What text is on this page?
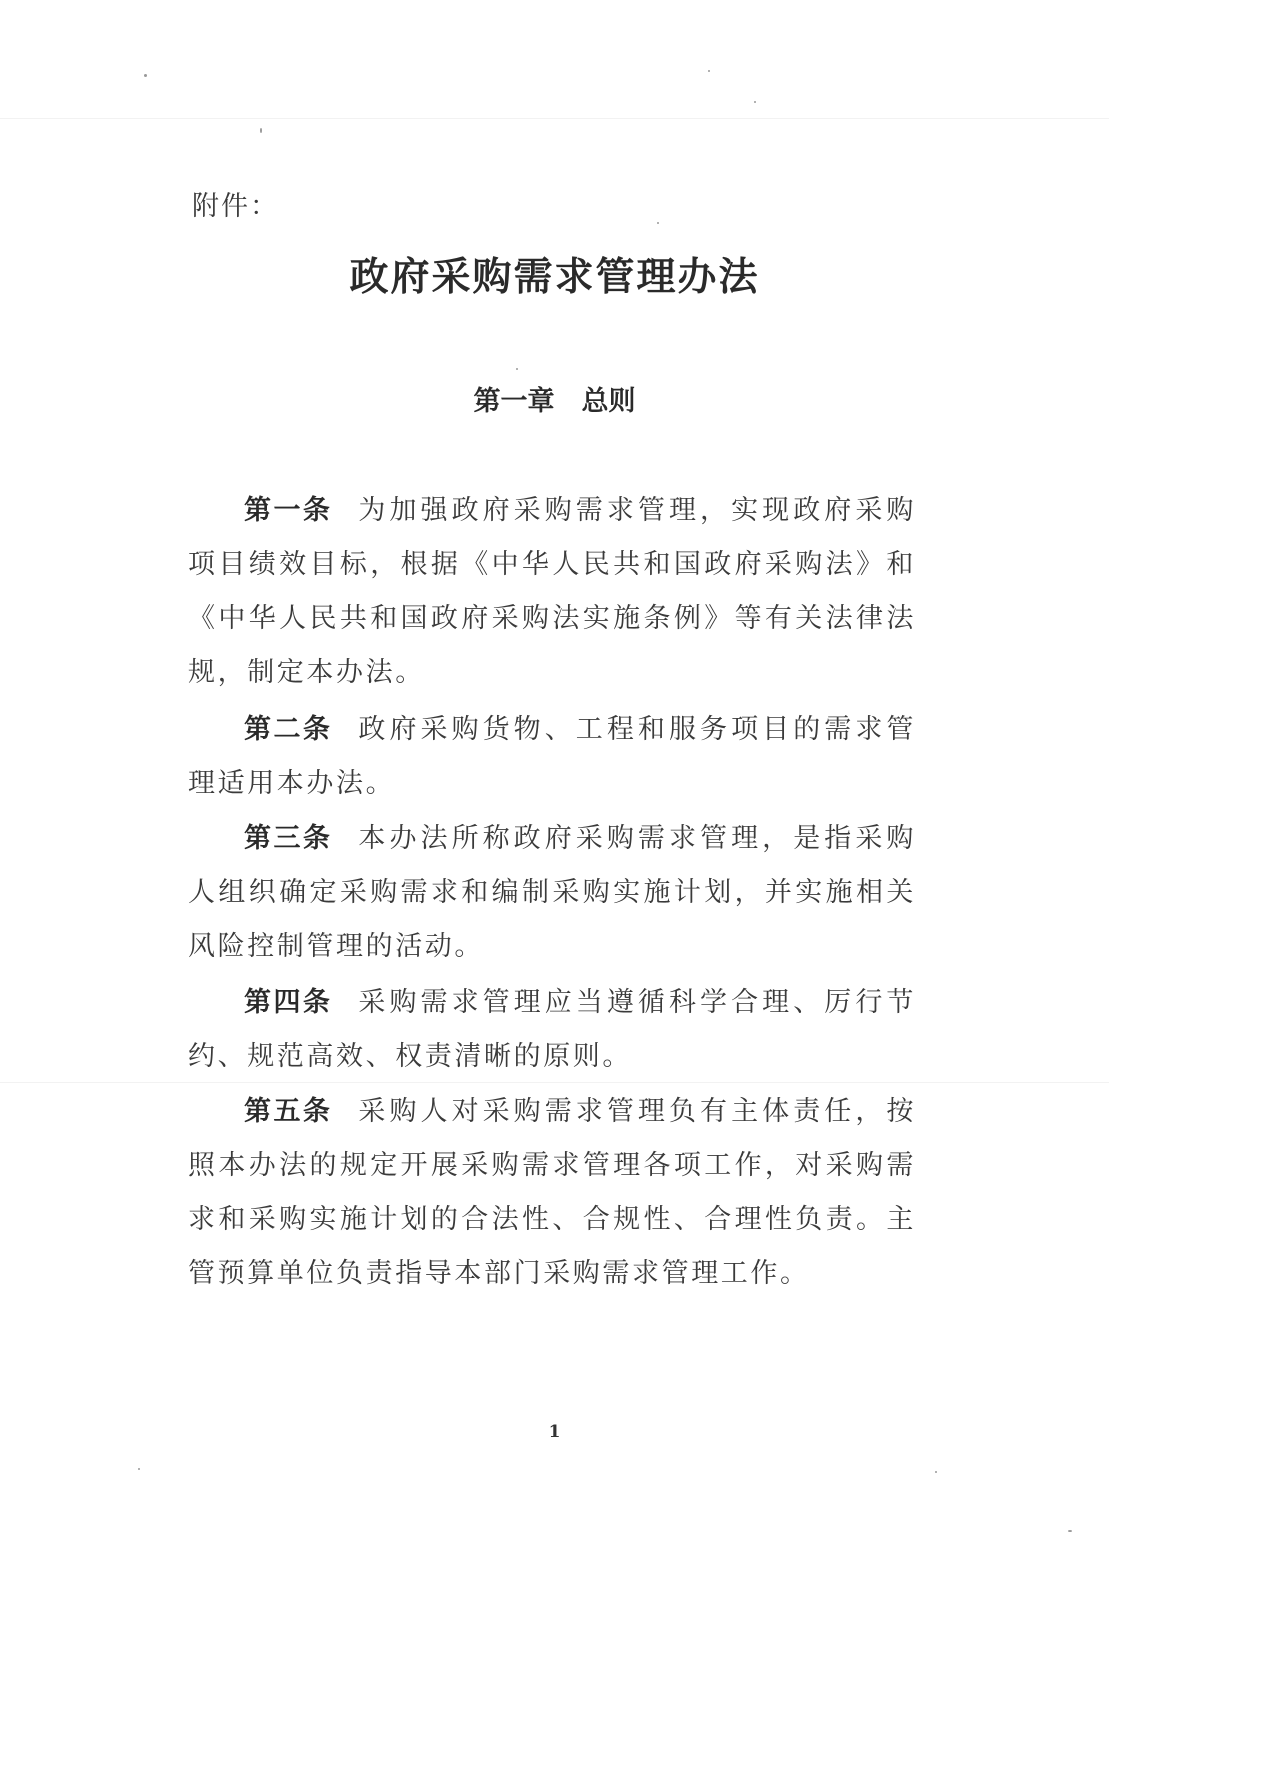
附件：
政府采购需求管理办法
第一章　总则

第一条 为加强政府采购需求管理，实现政府采购项目绩效目标，根据《中华人民共和国政府采购法》和《中华人民共和国政府采购法实施条例》等有关法律法规，制定本办法。

第二条 政府采购货物、工程和服务项目的需求管理适用本办法。

第三条 本办法所称政府采购需求管理，是指采购人组织确定采购需求和编制采购实施计划，并实施相关风险控制管理的活动。

第四条 采购需求管理应当遵循科学合理、厉行节约、规范高效、权责清晰的原则。

第五条 采购人对采购需求管理负有主体责任，按照本办法的规定开展采购需求管理各项工作，对采购需求和采购实施计划的合法性、合规性、合理性负责。主管预算单位负责指导本部门采购需求管理工作。

1
